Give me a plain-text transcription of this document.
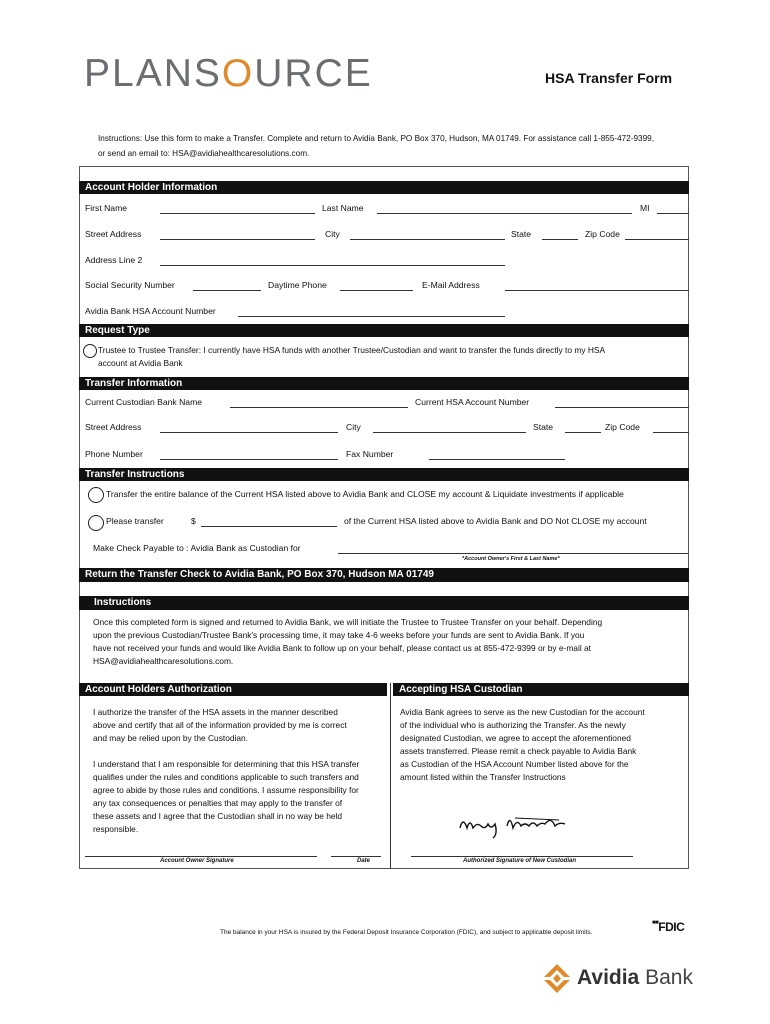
PLANSOURCE	HSA Transfer Form
Instructions: Use this form to make a Transfer. Complete and return to Avidia Bank, PO Box 370, Hudson, MA 01749. For assistance call 1-855-472-9399,
or send an email to: HSA@avidiahealthcaresolutions.com.
Account Holder Information
First Name	Last Name	MI
Street Address	City	State	Zip Code
Address Line 2
Social Security Number	Daytime Phone	E-Mail Address
Avidia Bank HSA Account Number
Request Type
Trustee to Trustee Transfer: I currently have HSA funds with another Trustee/Custodian and want to transfer the funds directly to my HSA
account at Avidia Bank
Transfer Information
Current Custodian Bank Name	Current HSA Account Number
Street Address	City	State	Zip Code
Phone Number	Fax Number
Transfer Instructions
Transfer the entire balance of the Current HSA listed above to Avidia Bank and CLOSE my account & Liquidate investments if applicable
Please transfer	$	of the Current HSA listed above to Avidia Bank and DO Not CLOSE my account
Make Check Payable to : Avidia Bank as Custodian for
*Account Owner's First & Last Name*
Return the Transfer Check to Avidia Bank, PO Box 370, Hudson MA 01749
Instructions
Once this completed form is signed and returned to Avidia Bank, we will initiate the Trustee to Trustee Transfer on your behalf. Depending
upon the previous Custodian/Trustee Bank's processing time, it may take 4-6 weeks before your funds are sent to Avidia Bank. If you
have not received your funds and would like Avidia Bank to follow up on your behalf, please contact us at 855-472-9399 or by e-mail at
HSA@avidiahealthcaresolutions.com.
Account Holders Authorization	Accepting HSA Custodian
I authorize the transfer of the HSA assets in the manner described
above and certify that all of the information provided by me is correct
and may be relied upon by the Custodian.
I understand that I am responsible for determining that this HSA transfer
qualifies under the rules and conditions applicable to such transfers and
agree to abide by those rules and conditions. I assume responsibility for
any tax consequences or penalties that may apply to the transfer of
these assets and I agree that the Custodian shall in no way be held
responsible.
Avidia Bank agrees to serve as the new Custodian for the account
of the individual who is authorizing the Transfer. As the newly
designated Custodian, we agree to accept the aforementioned
assets transferred. Please remit a check payable to Avidia Bank
as Custodian of the HSA Account Number listed above for the
amount listed within the Transfer Instructions
Account Owner Signature	Date	Authorized Signature of New Custodian
The balance in your HSA is insured by the Federal Deposit Insurance Corporation (FDIC), and subject to applicable deposit limits.
■■FDIC
Avidia Bank
